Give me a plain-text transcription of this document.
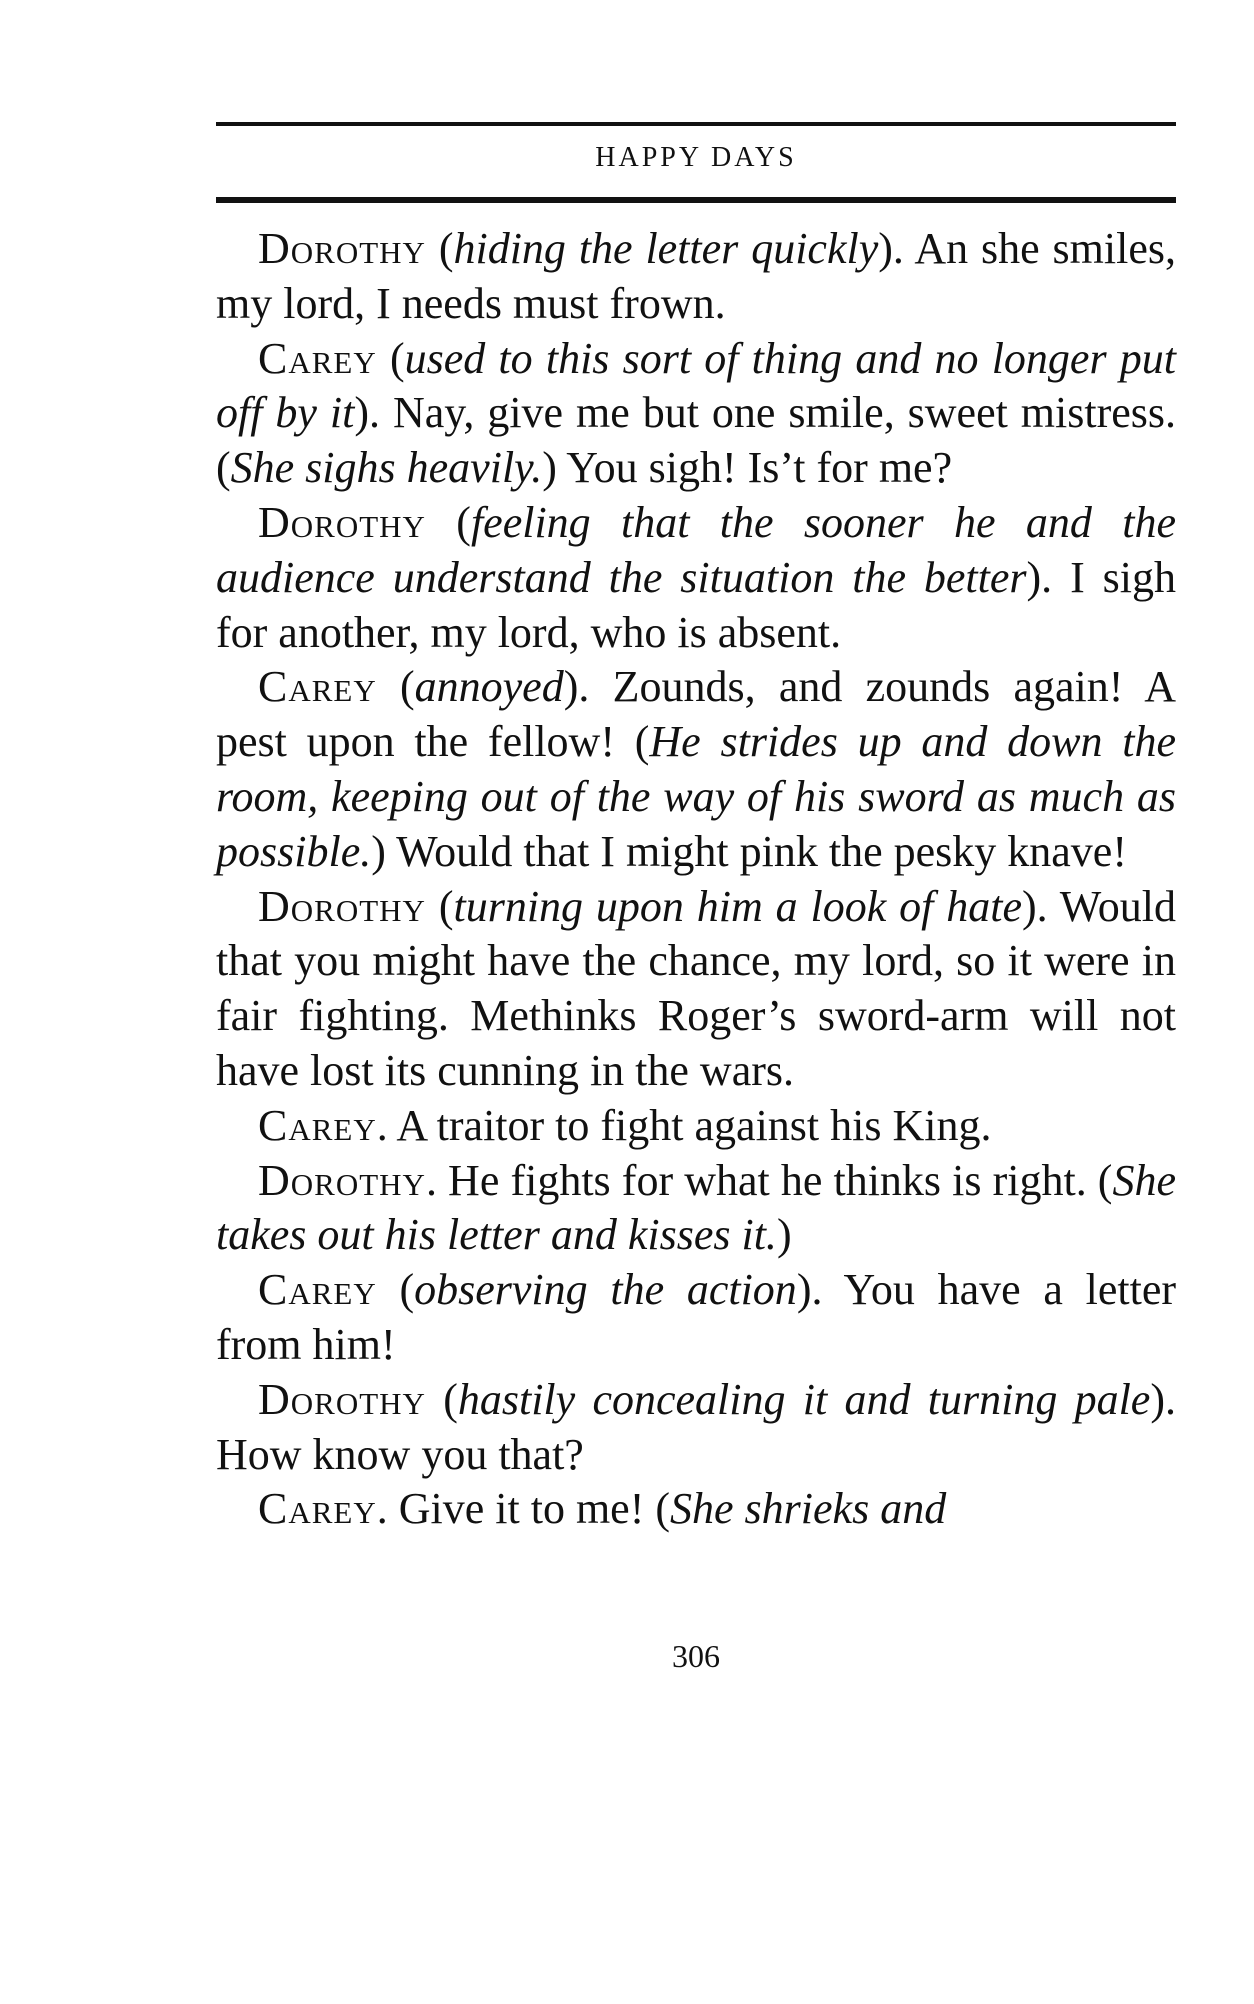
HAPPY DAYS

Dorothy (hiding the letter quickly). An she smiles, my lord, I needs must frown.

Carey (used to this sort of thing and no longer put off by it). Nay, give me but one smile, sweet mistress. (She sighs heavily.) You sigh! Is’t for me?

Dorothy (feeling that the sooner he and the audience understand the situation the better). I sigh for another, my lord, who is absent.

Carey (annoyed). Zounds, and zounds again! A pest upon the fellow! (He strides up and down the room, keeping out of the way of his sword as much as possible.) Would that I might pink the pesky knave!

Dorothy (turning upon him a look of hate). Would that you might have the chance, my lord, so it were in fair fighting. Methinks Roger’s sword-arm will not have lost its cunning in the wars.

Carey. A traitor to fight against his King.

Dorothy. He fights for what he thinks is right. (She takes out his letter and kisses it.)

Carey (observing the action). You have a letter from him!

Dorothy (hastily concealing it and turning pale). How know you that?

Carey. Give it to me! (She shrieks and

306
